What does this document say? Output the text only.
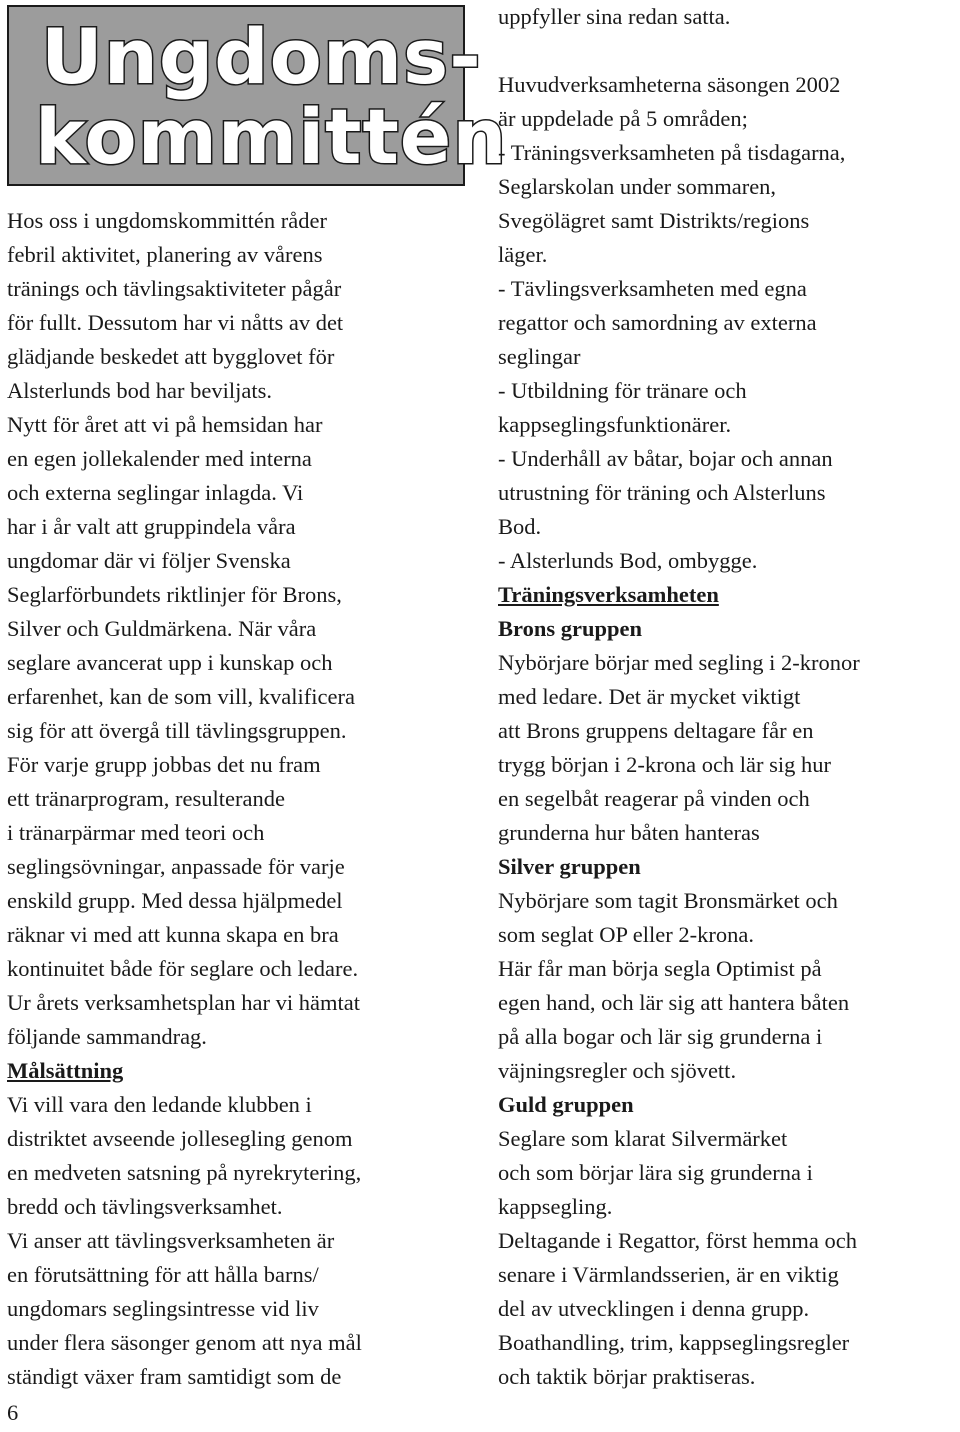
Ungdoms-
kommittén
Hos oss i ungdomskommittén råder
febril aktivitet, planering av vårens
tränings och tävlingsaktiviteter pågår
för fullt. Dessutom har vi nåtts av det
glädjande beskedet att bygglovet för
Alsterlunds bod har beviljats.
Nytt för året att vi på hemsidan har
en egen jollekalender med interna
och externa seglingar inlagda. Vi
har i år valt att gruppindela våra
ungdomar där vi följer Svenska
Seglarförbundets riktlinjer för Brons,
Silver och Guldmärkena. När våra
seglare avancerat upp i kunskap och
erfarenhet, kan de som vill, kvalificera
sig för att övergå till tävlingsgruppen.
För varje grupp jobbas det nu fram
ett tränarprogram, resulterande
i tränarpärmar med teori och
seglingsövningar, anpassade för varje
enskild grupp. Med dessa hjälpmedel
räknar vi med att kunna skapa en bra
kontinuitet både för seglare och ledare.
Ur årets verksamhetsplan har vi hämtat
följande sammandrag.
Målsättning
Vi vill vara den ledande klubben i
distriktet avseende jollesegling genom
en medveten satsning på nyrekrytering,
bredd och tävlingsverksamhet.
Vi anser att tävlingsverksamheten är
en förutsättning för att hålla barns/
ungdomars seglingsintresse vid liv
under flera säsonger genom att nya mål
ständigt växer fram samtidigt som de
uppfyller sina redan satta.
Huvudverksamheterna säsongen 2002
är uppdelade på 5 områden;
- Träningsverksamheten på tisdagarna,
Seglarskolan under sommaren,
Svegölägret samt Distrikts/regions
läger.
- Tävlingsverksamheten med egna
regattor och samordning av externa
seglingar
- Utbildning för tränare och
kappseglingsfunktionärer.
- Underhåll av båtar, bojar och annan
utrustning för träning och Alsterluns
Bod.
- Alsterlunds Bod, ombygge.
Träningsverksamheten
Brons gruppen
Nybörjare börjar med segling i 2-kronor
med ledare. Det är mycket viktigt
att Brons gruppens deltagare får en
trygg början i 2-krona och lär sig hur
en segelbåt reagerar på vinden och
grunderna hur båten hanteras
Silver gruppen
Nybörjare som tagit Bronsmärket och
som seglat OP eller 2-krona.
Här får man börja segla Optimist på
egen hand, och lär sig att hantera båten
på alla bogar och lär sig grunderna i
väjningsregler och sjövett.
Guld gruppen
Seglare som klarat Silvermärket
och som börjar lära sig grunderna i
kappsegling.
Deltagande i Regattor, först hemma och
senare i Värmlandsserien, är en viktig
del av utvecklingen i denna grupp.
Boathandling, trim, kappseglingsregler
och taktik börjar praktiseras.
6
